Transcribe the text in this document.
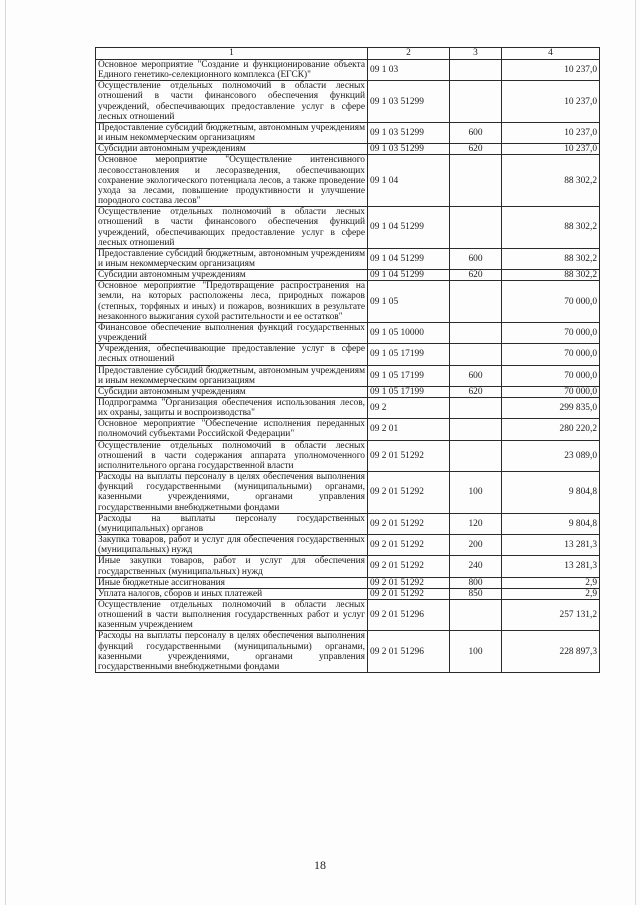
1	2	3	4
Основное мероприятие "Создание и функционирование объекта Единого генетико-селекционного комплекса (ЕГСК)"	09 1 03		10 237,0
Осуществление отдельных полномочий в области лесных отношений в части финансового обеспечения функций учреждений, обеспечивающих предоставление услуг в сфере лесных отношений	09 1 03 51299		10 237,0
Предоставление субсидий бюджетным, автономным учреждениям и иным некоммерческим организациям	09 1 03 51299	600	10 237,0
Субсидии автономным учреждениям	09 1 03 51299	620	10 237,0
Основное мероприятие "Осуществление интенсивного лесовосстановления и лесоразведения, обеспечивающих сохранение экологического потенциала лесов, а также проведение ухода за лесами, повышение продуктивности и улучшение породного состава лесов"	09 1 04		88 302,2
Осуществление отдельных полномочий в области лесных отношений в части финансового обеспечения функций учреждений, обеспечивающих предоставление услуг в сфере лесных отношений	09 1 04 51299		88 302,2
Предоставление субсидий бюджетным, автономным учреждениям и иным некоммерческим организациям	09 1 04 51299	600	88 302,2
Субсидии автономным учреждениям	09 1 04 51299	620	88 302,2
Основное мероприятие "Предотвращение распространения на земли, на которых расположены леса, природных пожаров (степных, торфяных и иных) и пожаров, возникших в результате незаконного выжигания сухой растительности и ее остатков"	09 1 05		70 000,0
Финансовое обеспечение выполнения функций государственных учреждений	09 1 05 10000		70 000,0
Учреждения, обеспечивающие предоставление услуг в сфере лесных отношений	09 1 05 17199		70 000,0
Предоставление субсидий бюджетным, автономным учреждениям и иным некоммерческим организациям	09 1 05 17199	600	70 000,0
Субсидии автономным учреждениям	09 1 05 17199	620	70 000,0
Подпрограмма "Организация обеспечения использования лесов, их охраны, защиты и воспроизводства"	09 2		299 835,0
Основное мероприятие "Обеспечение исполнения переданных полномочий субъектами Российской Федерации"	09 2 01		280 220,2
Осуществление отдельных полномочий в области лесных отношений в части содержания аппарата уполномоченного исполнительного органа государственной власти	09 2 01 51292		23 089,0
Расходы на выплаты персоналу в целях обеспечения выполнения функций государственными (муниципальными) органами, казенными учреждениями, органами управления государственными внебюджетными фондами	09 2 01 51292	100	9 804,8
Расходы на выплаты персоналу государственных (муниципальных) органов	09 2 01 51292	120	9 804,8
Закупка товаров, работ и услуг для обеспечения государственных (муниципальных) нужд	09 2 01 51292	200	13 281,3
Иные закупки товаров, работ и услуг для обеспечения государственных (муниципальных) нужд	09 2 01 51292	240	13 281,3
Иные бюджетные ассигнования	09 2 01 51292	800	2,9
Уплата налогов, сборов и иных платежей	09 2 01 51292	850	2,9
Осуществление отдельных полномочий в области лесных отношений в части выполнения государственных работ и услуг казенным учреждением	09 2 01 51296		257 131,2
Расходы на выплаты персоналу в целях обеспечения выполнения функций государственными (муниципальными) органами, казенными учреждениями, органами управления государственными внебюджетными фондами	09 2 01 51296	100	228 897,3
18
